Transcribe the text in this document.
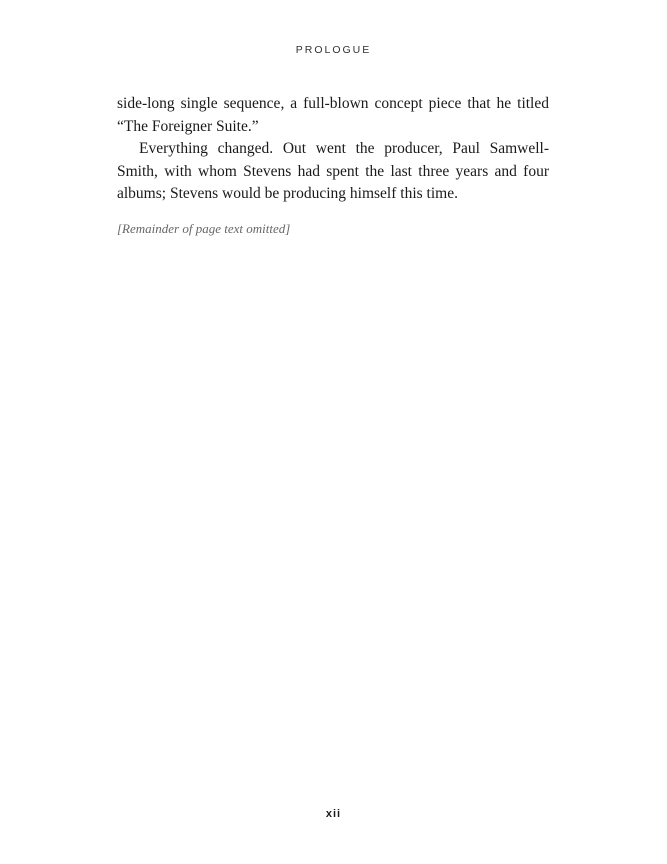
PROLOGUE

side-long single sequence, a full-blown concept piece that he titled “The Foreigner Suite.”

Everything changed. Out went the producer, Paul Samwell-Smith, with whom Stevens had spent the last three years and four albums; Stevens would be producing himself this time.

[Remainder of page text omitted]

xii
